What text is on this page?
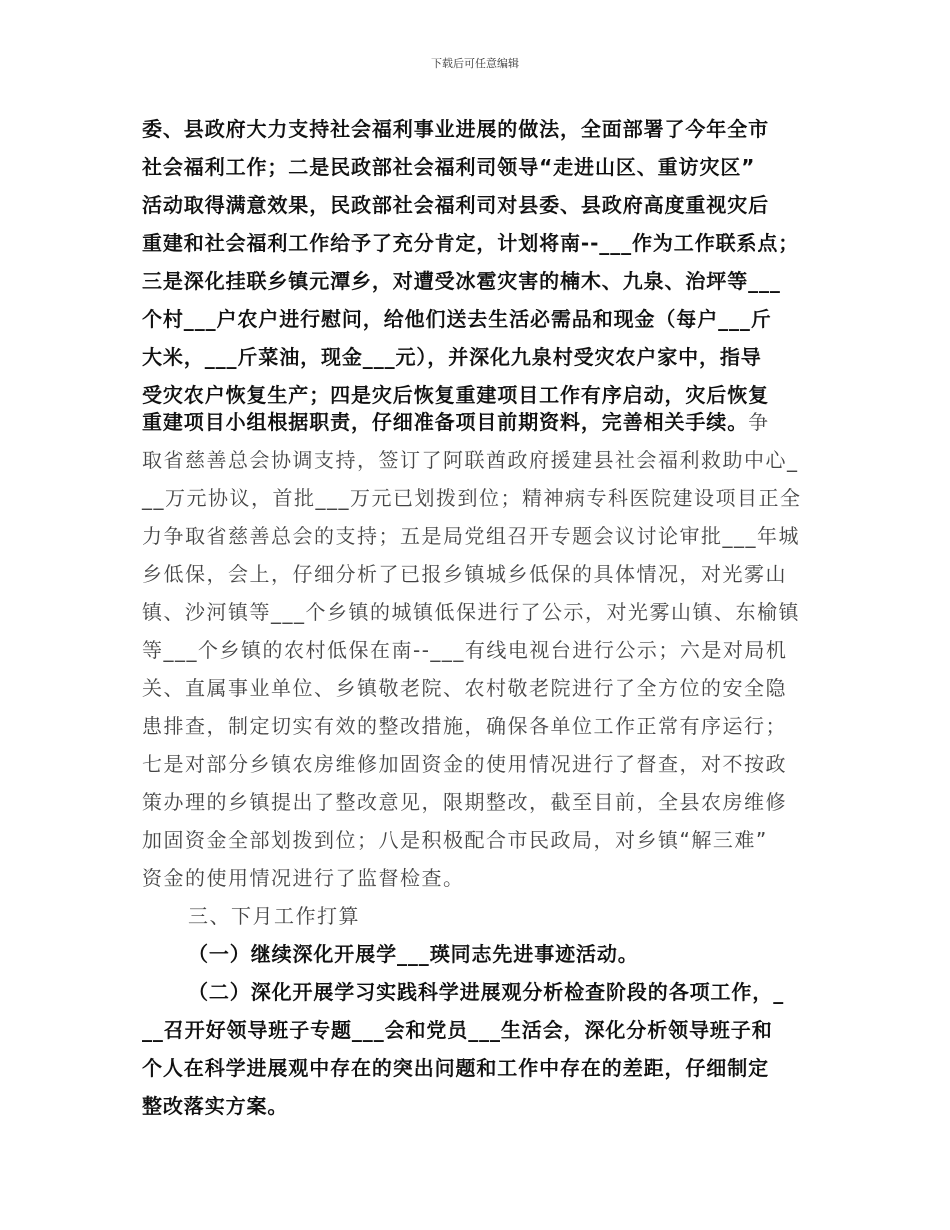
下载后可任意编辑
委、县政府大力支持社会福利事业进展的做法，全面部署了今年全市
社会福利工作；二是民政部社会福利司领导“走进山区、重访灾区”
活动取得满意效果，民政部社会福利司对县委、县政府高度重视灾后
重建和社会福利工作给予了充分肯定，计划将南--___作为工作联系点；
三是深化挂联乡镇元潭乡，对遭受冰雹灾害的楠木、九泉、治坪等___
个村___户农户进行慰问，给他们送去生活必需品和现金（每户___斤
大米，___斤菜油，现金___元），并深化九泉村受灾农户家中，指导
受灾农户恢复生产；四是灾后恢复重建项目工作有序启动，灾后恢复
重建项目小组根据职责，仔细准备项目前期资料，完善相关手续。争
取省慈善总会协调支持，签订了阿联酋政府援建县社会福利救助中心_
__万元协议，首批___万元已划拨到位；精神病专科医院建设项目正全
力争取省慈善总会的支持；五是局党组召开专题会议讨论审批___年城
乡低保，会上，仔细分析了已报乡镇城乡低保的具体情况，对光雾山
镇、沙河镇等___个乡镇的城镇低保进行了公示，对光雾山镇、东榆镇
等___个乡镇的农村低保在南--___有线电视台进行公示；六是对局机
关、直属事业单位、乡镇敬老院、农村敬老院进行了全方位的安全隐
患排查，制定切实有效的整改措施，确保各单位工作正常有序运行；
七是对部分乡镇农房维修加固资金的使用情况进行了督查，对不按政
策办理的乡镇提出了整改意见，限期整改，截至目前，全县农房维修
加固资金全部划拨到位；八是积极配合市民政局，对乡镇“解三难”
资金的使用情况进行了监督检查。
三、下月工作打算
（一）继续深化开展学___瑛同志先进事迹活动。
（二）深化开展学习实践科学进展观分析检查阶段的各项工作，_
__召开好领导班子专题___会和党员___生活会，深化分析领导班子和
个人在科学进展观中存在的突出问题和工作中存在的差距，仔细制定
整改落实方案。
